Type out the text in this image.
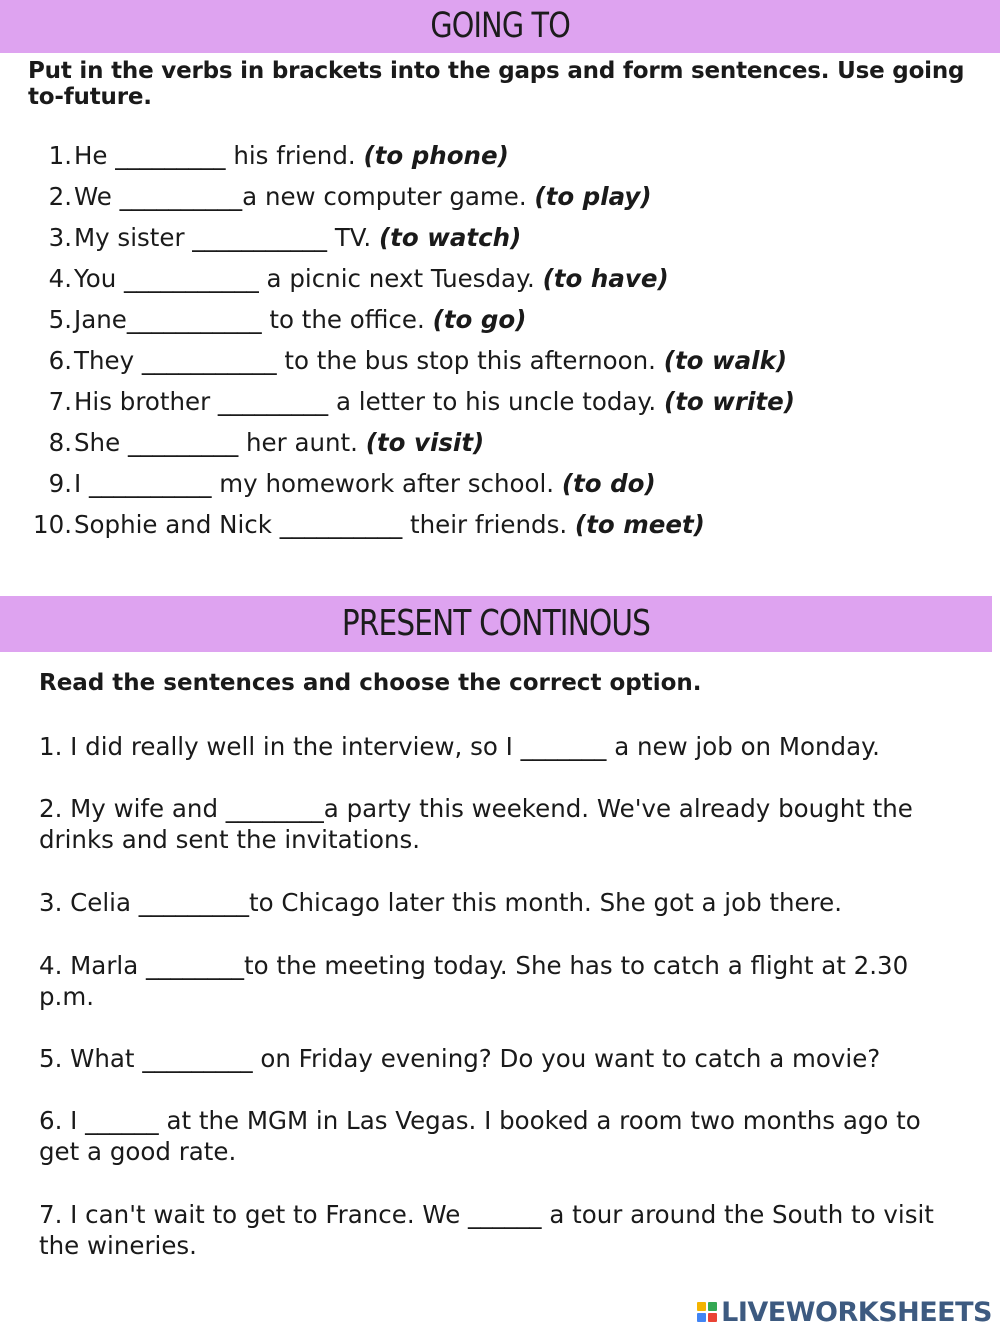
GOING TO
Put in the verbs in brackets into the gaps and form sentences. Use going to-future.
1. He _________ his friend. (to phone)
2. We __________a new computer game. (to play)
3. My sister ___________ TV. (to watch)
4. You ___________ a picnic next Tuesday. (to have)
5. Jane___________ to the office. (to go)
6. They ___________ to the bus stop this afternoon. (to walk)
7. His brother _________ a letter to his uncle today. (to write)
8. She _________ her aunt. (to visit)
9. I __________ my homework after school. (to do)
10. Sophie and Nick __________ their friends. (to meet)
PRESENT CONTINOUS
Read the sentences and choose the correct option.
1. I did really well in the interview, so I _______ a new job on Monday.
2. My wife and ________a party this weekend. We've already bought the drinks and sent the invitations.
3. Celia _________to Chicago later this month. She got a job there.
4. Marla ________to the meeting today. She has to catch a flight at 2.30 p.m.
5. What _________ on Friday evening? Do you want to catch a movie?
6. I ______ at the MGM in Las Vegas. I booked a room two months ago to get a good rate.
7. I can't wait to get to France. We ______ a tour around the South to visit the wineries.
LIVEWORKSHEETS
